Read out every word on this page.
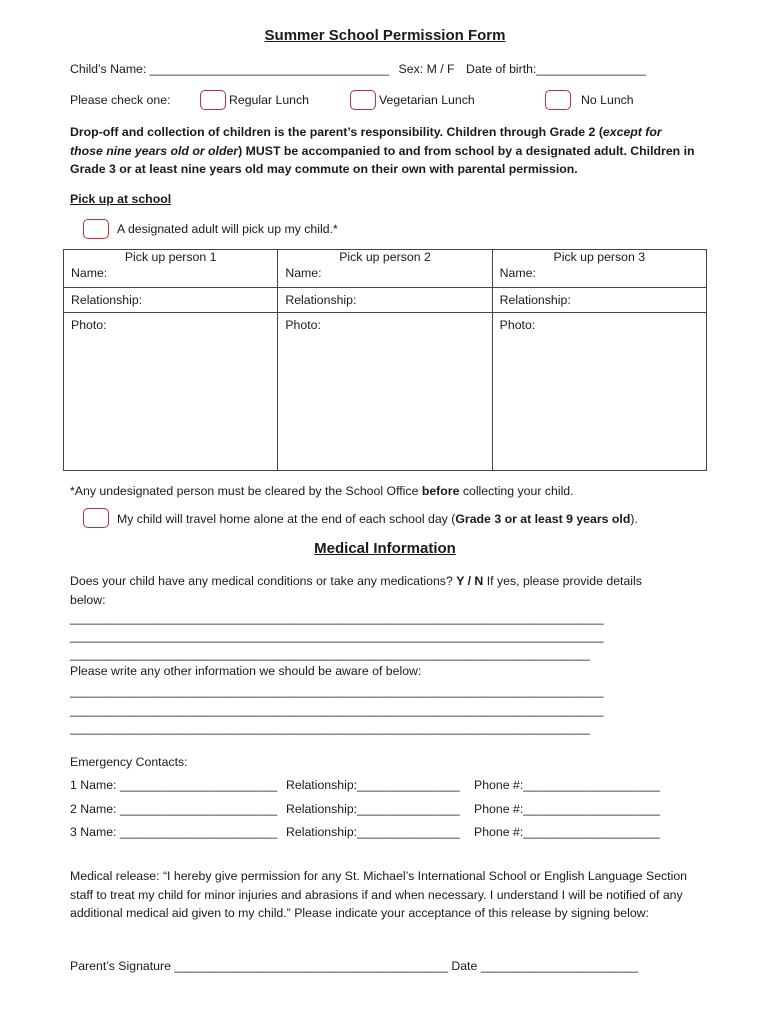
Summer School Permission Form
Child’s Name: ___________________________________ Sex: M / F Date of birth:________________
Please check one:	Regular Lunch	Vegetarian Lunch	No Lunch
Drop-off and collection of children is the parent’s responsibility. Children through Grade 2 (except for those nine years old or older) MUST be accompanied to and from school by a designated adult. Children in Grade 3 or at least nine years old may commute on their own with parental permission.
Pick up at school
A designated adult will pick up my child.*
Pick up person 1	Pick up person 2	Pick up person 3
Name:	Name:	Name:
Relationship:	Relationship:	Relationship:
Photo:	Photo:	Photo:
*Any undesignated person must be cleared by the School Office before collecting your child.
My child will travel home alone at the end of each school day (Grade 3 or at least 9 years old).
Medical Information
Does your child have any medical conditions or take any medications? Y / N If yes, please provide details below:
______________________________________________________________________________
______________________________________________________________________________
____________________________________________________________________________
Please write any other information we should be aware of below:
______________________________________________________________________________
______________________________________________________________________________
____________________________________________________________________________
Emergency Contacts:
1 Name: _______________________ Relationship:_______________ Phone #:____________________
2 Name: _______________________ Relationship:_______________ Phone #:____________________
3 Name: _______________________ Relationship:_______________ Phone #:____________________
Medical release: “I hereby give permission for any St. Michael’s International School or English Language Section staff to treat my child for minor injuries and abrasions if and when necessary. I understand I will be notified of any additional medical aid given to my child.” Please indicate your acceptance of this release by signing below:
Parent’s Signature ________________________________________ Date _______________________
